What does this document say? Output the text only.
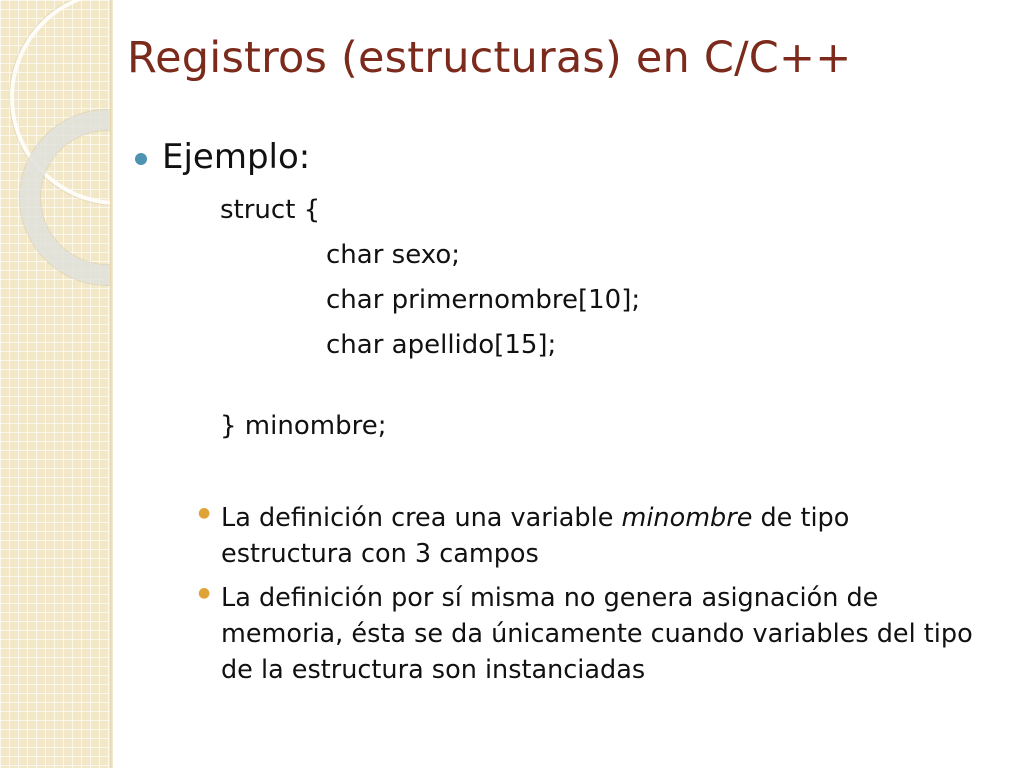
Registros (estructuras) en C/C++
Ejemplo:
struct {
char sexo;
char primernombre[10];
char apellido[15];
} minombre;
● La definición crea una variable minombre de tipo estructura con 3 campos
● La definición por sí misma no genera asignación de memoria, ésta se da únicamente cuando variables del tipo de la estructura son instanciadas
